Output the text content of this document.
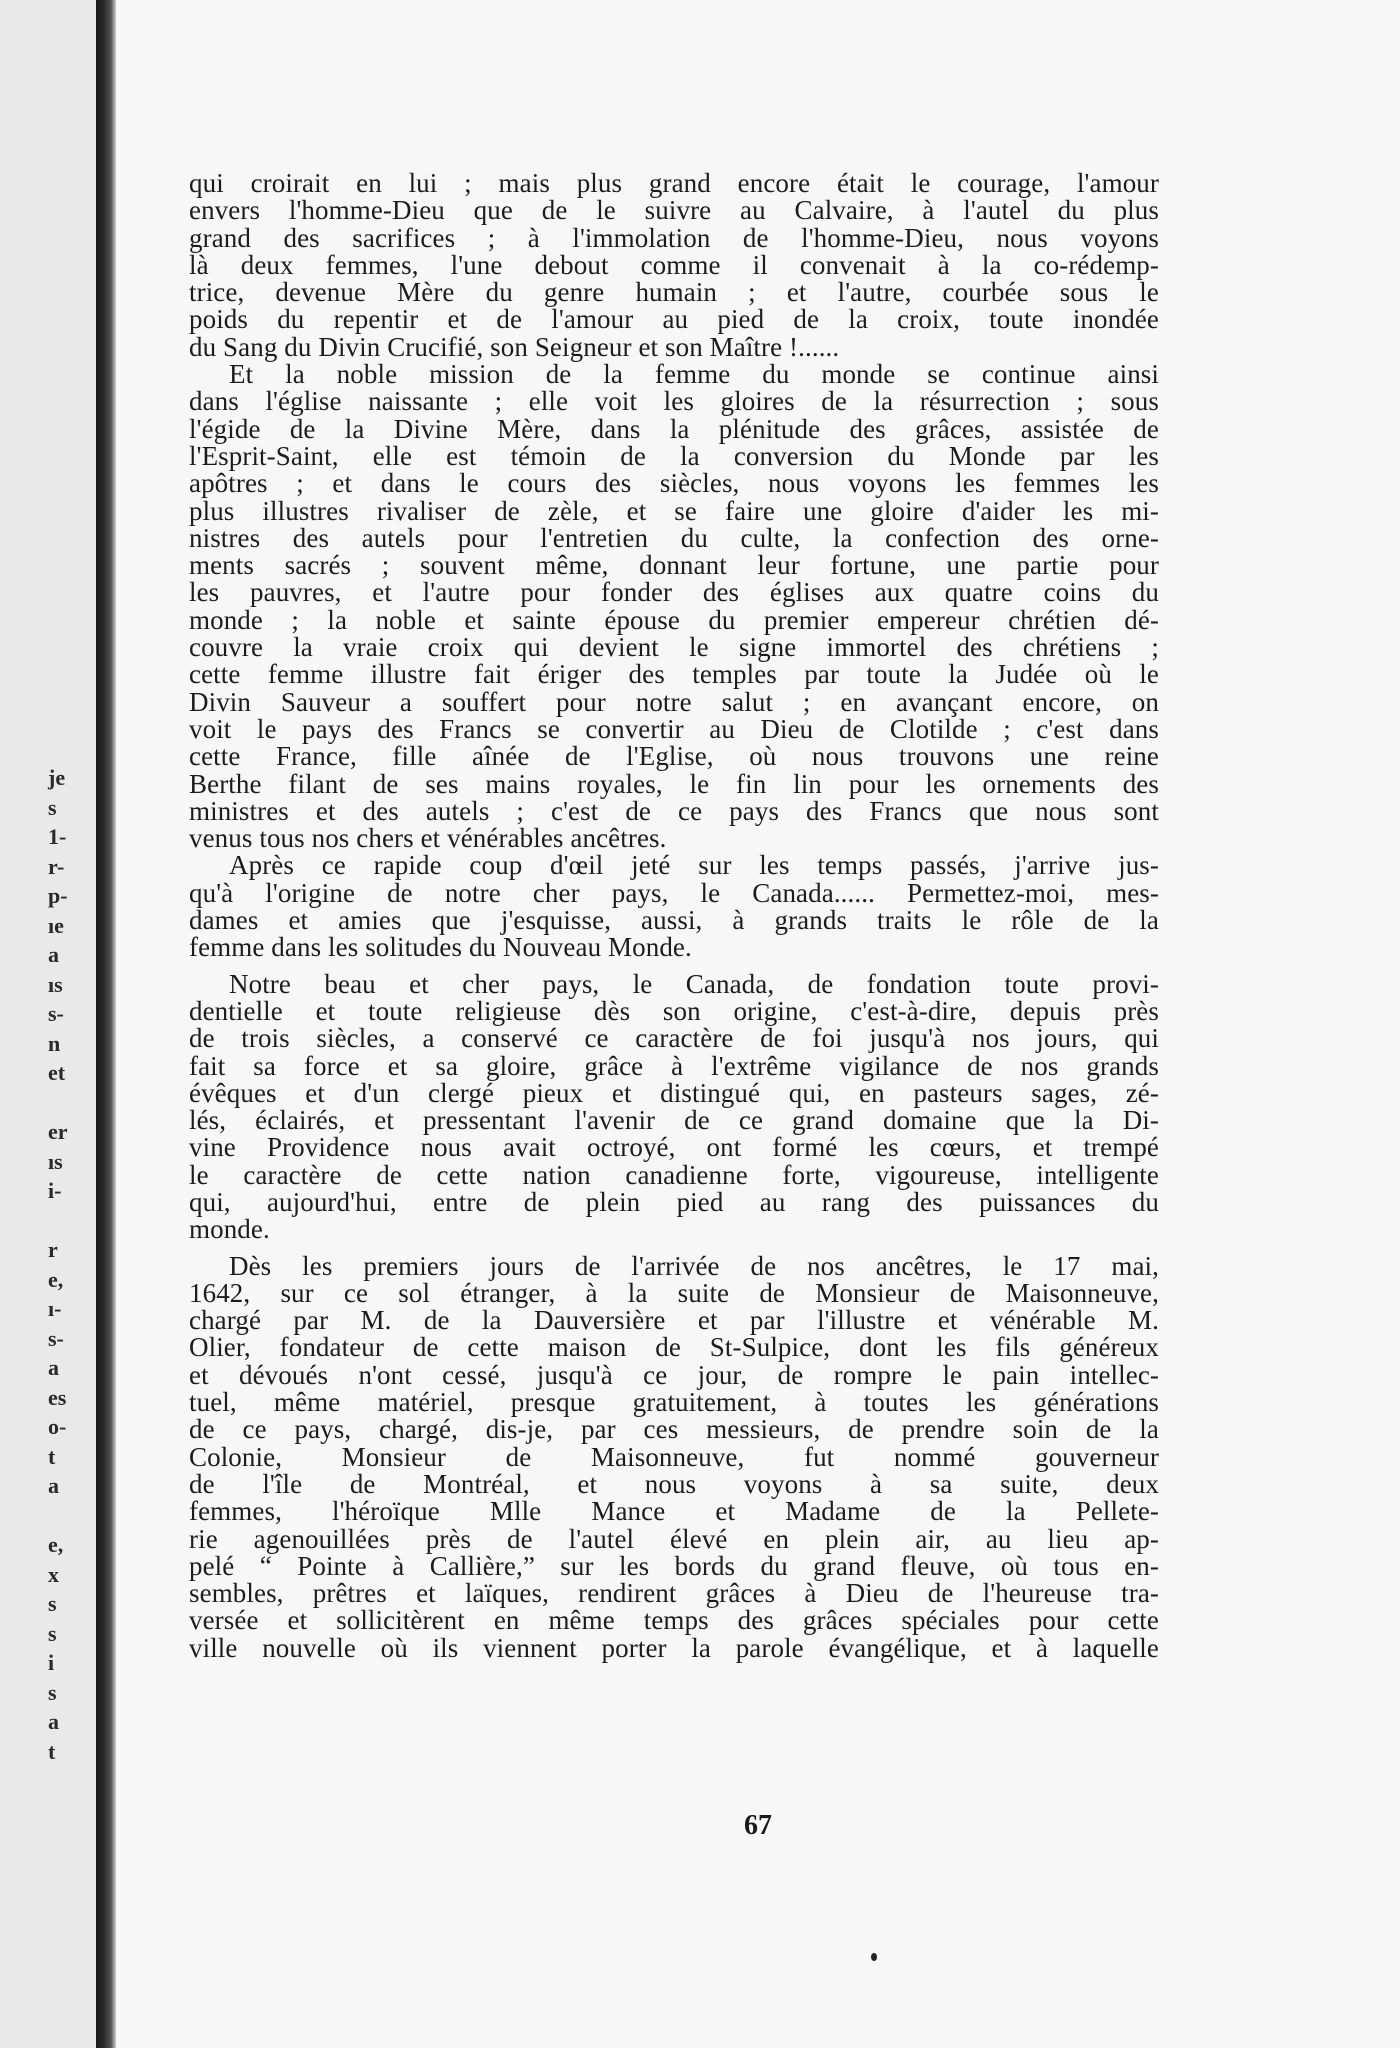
je
s
1-
r-
p-
ıe
a
ıs
s-
n
et
er
ıs
i-
r
e,
ı-
s-
a
es
o-
t
a
e,
x
s
s
i
s
a
t
qui croirait en lui ; mais plus grand encore était le courage, l'amour
envers l'homme-Dieu que de le suivre au Calvaire, à l'autel du plus
grand des sacrifices ; à l'immolation de l'homme-Dieu, nous voyons
là deux femmes, l'une debout comme il convenait à la co-rédemp-
trice, devenue Mère du genre humain ; et l'autre, courbée sous le
poids du repentir et de l'amour au pied de la croix, toute inondée
du Sang du Divin Crucifié, son Seigneur et son Maître !......
Et la noble mission de la femme du monde se continue ainsi
dans l'église naissante ; elle voit les gloires de la résurrection ; sous
l'égide de la Divine Mère, dans la plénitude des grâces, assistée de
l'Esprit-Saint, elle est témoin de la conversion du Monde par les
apôtres ; et dans le cours des siècles, nous voyons les femmes les
plus illustres rivaliser de zèle, et se faire une gloire d'aider les mi-
nistres des autels pour l'entretien du culte, la confection des orne-
ments sacrés ; souvent même, donnant leur fortune, une partie pour
les pauvres, et l'autre pour fonder des églises aux quatre coins du
monde ; la noble et sainte épouse du premier empereur chrétien dé-
couvre la vraie croix qui devient le signe immortel des chrétiens ;
cette femme illustre fait ériger des temples par toute la Judée où le
Divin Sauveur a souffert pour notre salut ; en avançant encore, on
voit le pays des Francs se convertir au Dieu de Clotilde ; c'est dans
cette France, fille aînée de l'Eglise, où nous trouvons une reine
Berthe filant de ses mains royales, le fin lin pour les ornements des
ministres et des autels ; c'est de ce pays des Francs que nous sont
venus tous nos chers et vénérables ancêtres.
Après ce rapide coup d'œil jeté sur les temps passés, j'arrive jus-
qu'à l'origine de notre cher pays, le Canada...... Permettez-moi, mes-
dames et amies que j'esquisse, aussi, à grands traits le rôle de la
femme dans les solitudes du Nouveau Monde.
Notre beau et cher pays, le Canada, de fondation toute provi-
dentielle et toute religieuse dès son origine, c'est-à-dire, depuis près
de trois siècles, a conservé ce caractère de foi jusqu'à nos jours, qui
fait sa force et sa gloire, grâce à l'extrême vigilance de nos grands
évêques et d'un clergé pieux et distingué qui, en pasteurs sages, zé-
lés, éclairés, et pressentant l'avenir de ce grand domaine que la Di-
vine Providence nous avait octroyé, ont formé les cœurs, et trempé
le caractère de cette nation canadienne forte, vigoureuse, intelligente
qui, aujourd'hui, entre de plein pied au rang des puissances du
monde.
Dès les premiers jours de l'arrivée de nos ancêtres, le 17 mai,
1642, sur ce sol étranger, à la suite de Monsieur de Maisonneuve,
chargé par M. de la Dauversière et par l'illustre et vénérable M.
Olier, fondateur de cette maison de St-Sulpice, dont les fils généreux
et dévoués n'ont cessé, jusqu'à ce jour, de rompre le pain intellec-
tuel, même matériel, presque gratuitement, à toutes les générations
de ce pays, chargé, dis-je, par ces messieurs, de prendre soin de la
Colonie, Monsieur de Maisonneuve, fut nommé gouverneur
de l'île de Montréal, et nous voyons à sa suite, deux
femmes, l'héroïque Mlle Mance et Madame de la Pellete-
rie agenouillées près de l'autel élevé en plein air, au lieu ap-
pelé “ Pointe à Callière,” sur les bords du grand fleuve, où tous en-
sembles, prêtres et laïques, rendirent grâces à Dieu de l'heureuse tra-
versée et sollicitèrent en même temps des grâces spéciales pour cette
ville nouvelle où ils viennent porter la parole évangélique, et à laquelle
67
